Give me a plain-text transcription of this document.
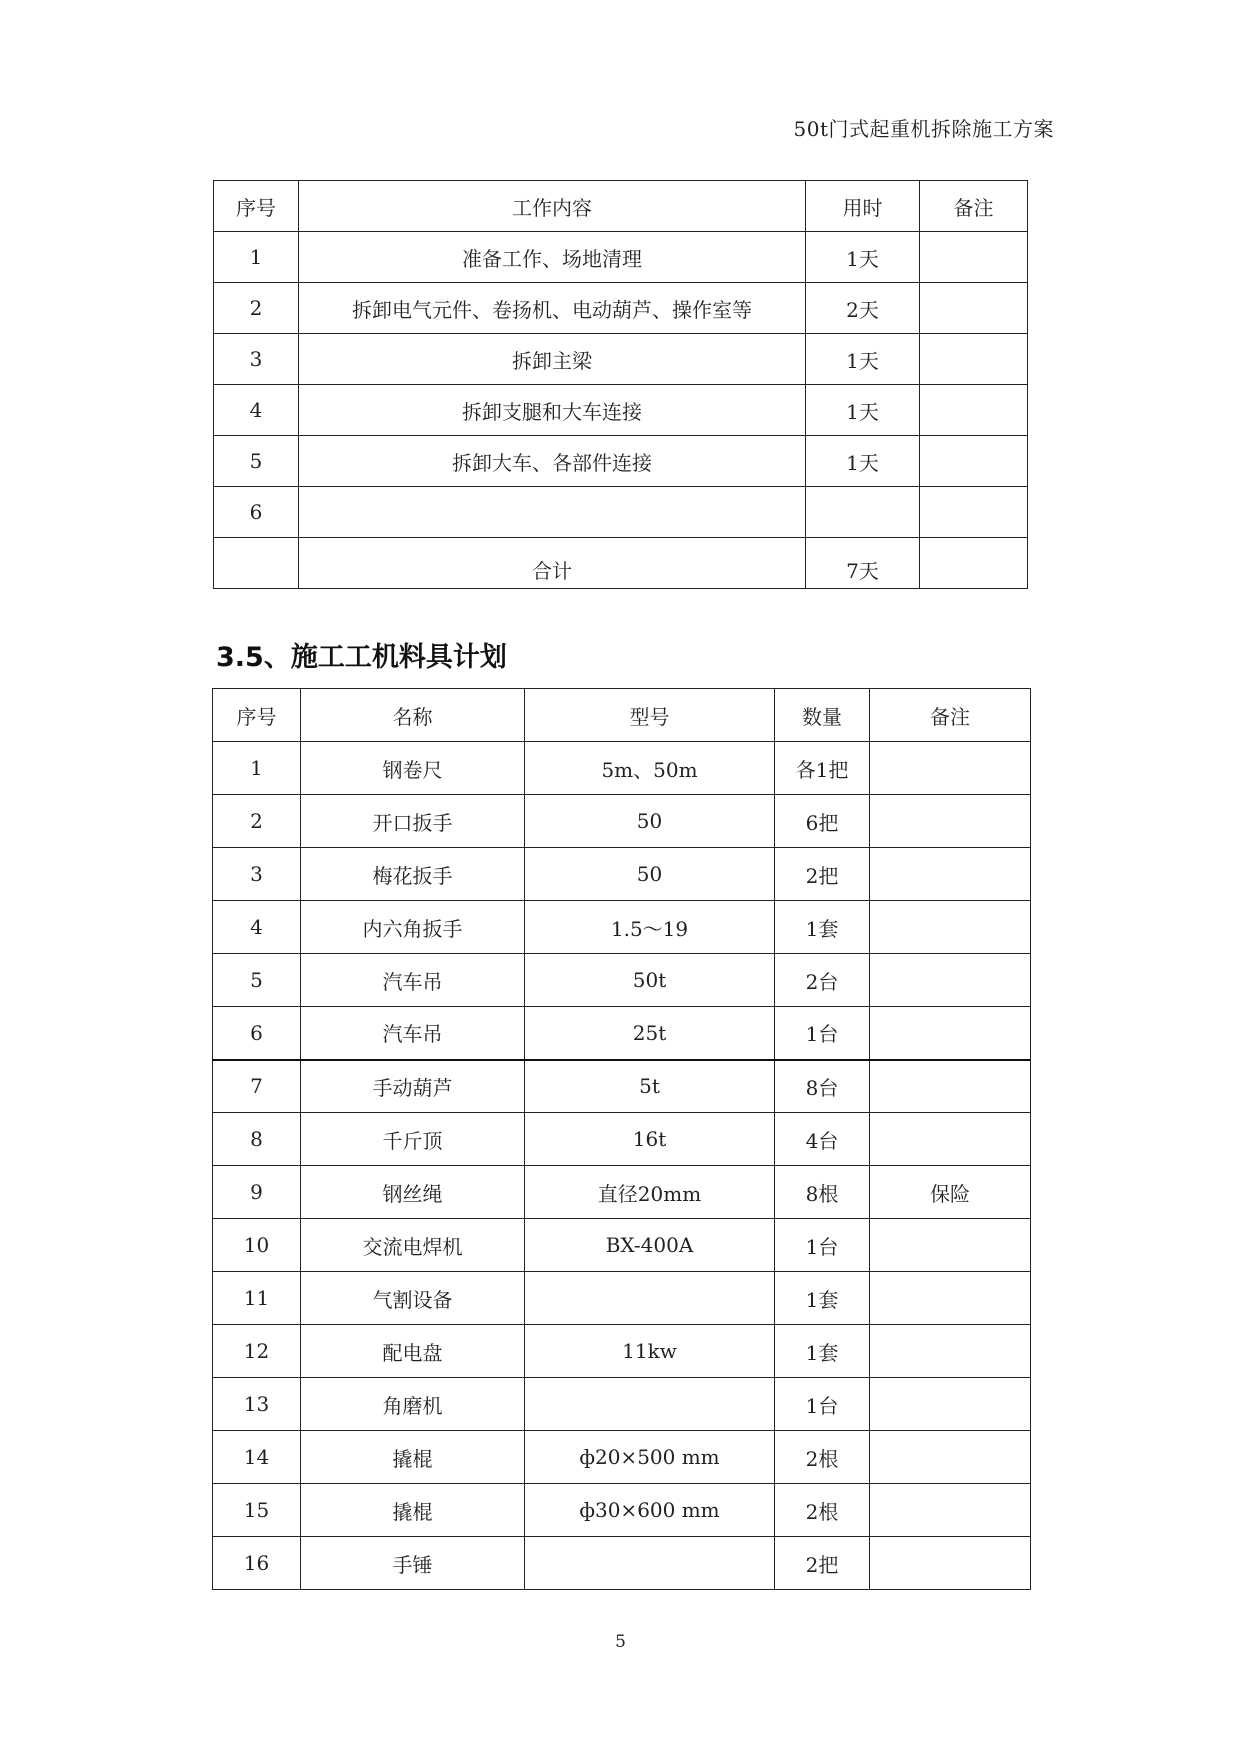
50t门式起重机拆除施工方案
序号	工作内容	用时	备注
1	准备工作、场地清理	1天	
2	拆卸电气元件、卷扬机、电动葫芦、操作室等	2天	
3	拆卸主梁	1天	
4	拆卸支腿和大车连接	1天	
5	拆卸大车、各部件连接	1天	
6			
	合计	7天	
3.5、施工工机料具计划
序号	名称	型号	数量	备注
1	钢卷尺	5m、50m	各1把	
2	开口扳手	50	6把	
3	梅花扳手	50	2把	
4	内六角扳手	1.5～19	1套	
5	汽车吊	50t	2台	
6	汽车吊	25t	1台	
7	手动葫芦	5t	8台	
8	千斤顶	16t	4台	
9	钢丝绳	直径20mm	8根	保险
10	交流电焊机	BX-400A	1台	
11	气割设备		1套	
12	配电盘	11kw	1套	
13	角磨机		1台	
14	撬棍	ф20×500 mm	2根	
15	撬棍	ф30×600 mm	2根	
16	手锤		2把	
5
